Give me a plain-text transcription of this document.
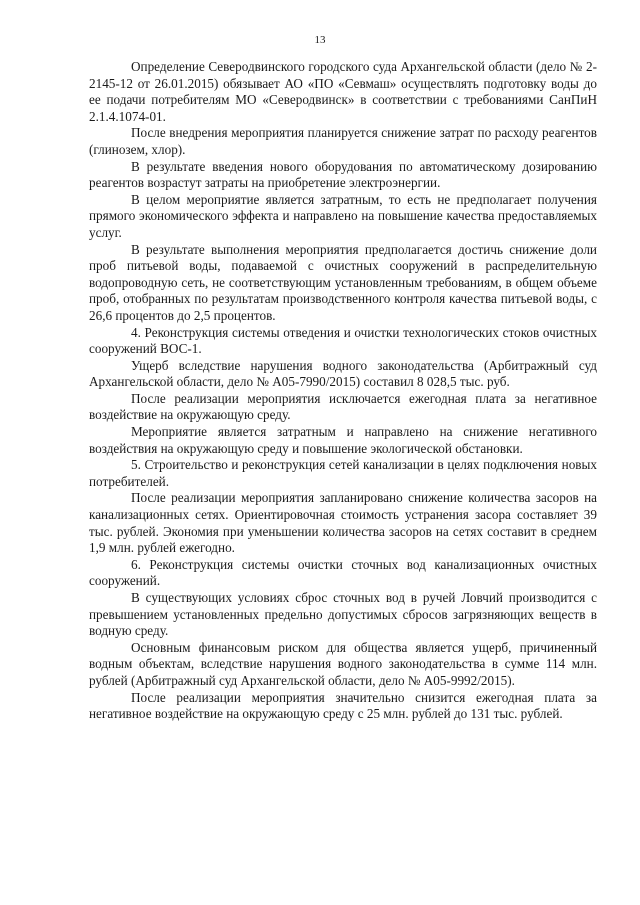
13

Определение Северодвинского городского суда Архангельской области (дело № 2-2145-12 от 26.01.2015) обязывает АО «ПО «Севмаш» осуществлять подготовку воды до ее подачи потребителям МО «Северодвинск» в соответствии с требованиями СанПиН 2.1.4.1074-01.

После внедрения мероприятия планируется снижение затрат по расходу реагентов (глинозем, хлор).

В результате введения нового оборудования по автоматическому дозированию реагентов возрастут затраты на приобретение электроэнергии.

В целом мероприятие является затратным, то есть не предполагает получения прямого экономического эффекта и направлено на повышение качества предоставляемых услуг.

В результате выполнения мероприятия предполагается достичь снижение доли проб питьевой воды, подаваемой с очистных сооружений в распределительную водопроводную сеть, не соответствующим установленным требованиям, в общем объеме проб, отобранных по результатам производственного контроля качества питьевой воды, с 26,6 процентов до 2,5 процентов.

4. Реконструкция системы отведения и очистки технологических стоков очистных сооружений ВОС-1.

Ущерб вследствие нарушения водного законодательства (Арбитражный суд Архангельской области, дело № А05-7990/2015) составил 8 028,5 тыс. руб.

После реализации мероприятия исключается ежегодная плата за негативное воздействие на окружающую среду.

Мероприятие является затратным и направлено на снижение негативного воздействия на окружающую среду и повышение экологической обстановки.

5. Строительство и реконструкция сетей канализации в целях подключения новых потребителей.

После реализации мероприятия запланировано снижение количества засоров на канализационных сетях. Ориентировочная стоимость устранения засора составляет 39 тыс. рублей. Экономия при уменьшении количества засоров на сетях составит в среднем 1,9 млн. рублей ежегодно.

6. Реконструкция системы очистки сточных вод канализационных очистных сооружений.

В существующих условиях сброс сточных вод в ручей Ловчий производится с превышением установленных предельно допустимых сбросов загрязняющих веществ в водную среду.

Основным финансовым риском для общества является ущерб, причиненный водным объектам, вследствие нарушения водного законодательства в сумме 114 млн. рублей (Арбитражный суд Архангельской области, дело № А05-9992/2015).

После реализации мероприятия значительно снизится ежегодная плата за негативное воздействие на окружающую среду с 25 млн. рублей до 131 тыс. рублей.
